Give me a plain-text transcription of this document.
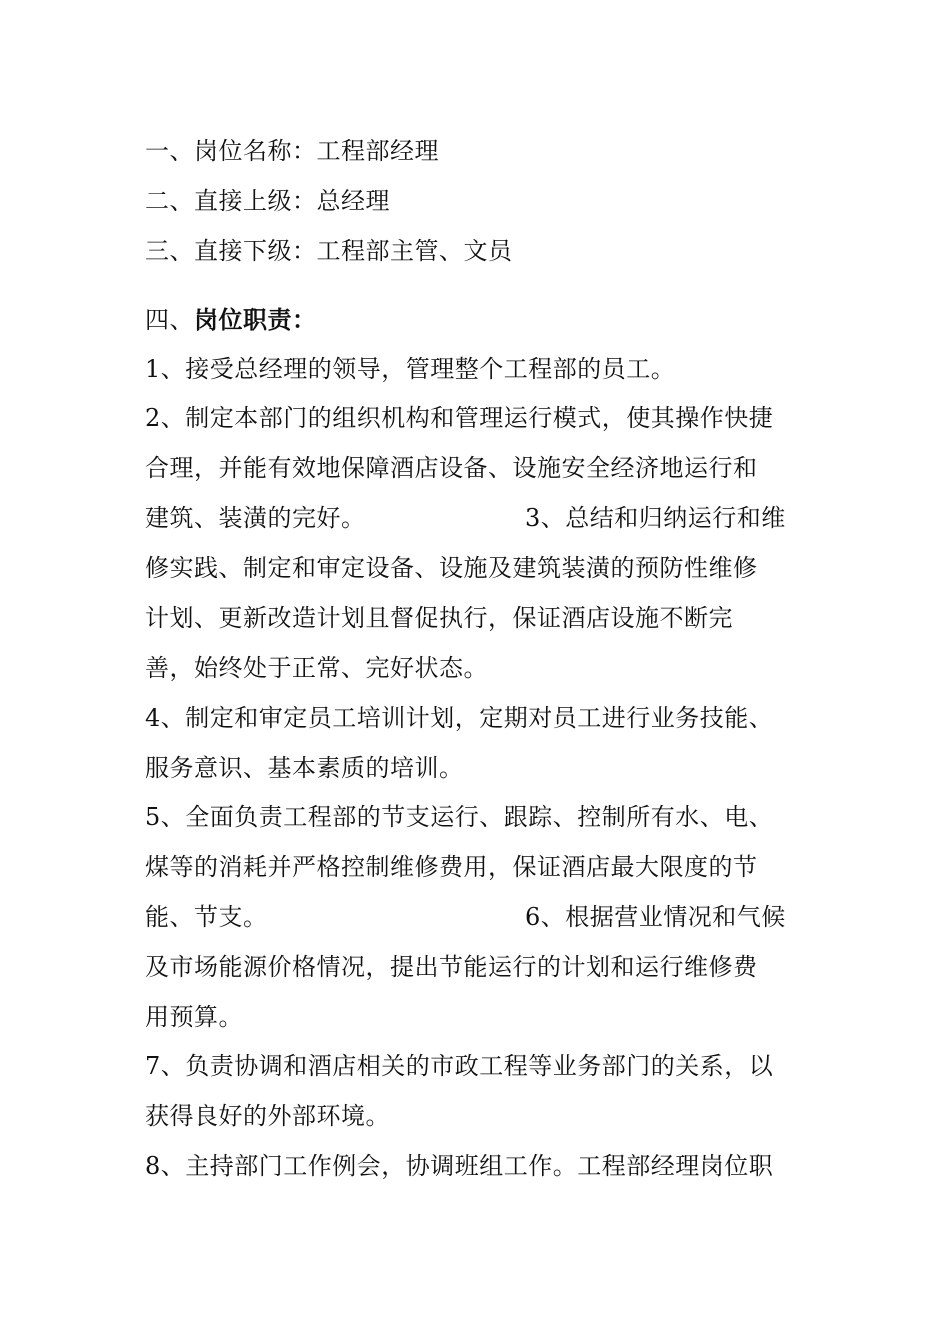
一、岗位名称：工程部经理
二、直接上级：总经理
三、直接下级：工程部主管、文员
四、岗位职责：
1、接受总经理的领导，管理整个工程部的员工。
2、制定本部门的组织机构和管理运行模式，使其操作快捷
合理，并能有效地保障酒店设备、设施安全经济地运行和
建筑、装潢的完好。	3、总结和归纳运行和维
修实践、制定和审定设备、设施及建筑装潢的预防性维修
计划、更新改造计划且督促执行，保证酒店设施不断完
善，始终处于正常、完好状态。
4、制定和审定员工培训计划，定期对员工进行业务技能、
服务意识、基本素质的培训。
5、全面负责工程部的节支运行、跟踪、控制所有水、电、
煤等的消耗并严格控制维修费用，保证酒店最大限度的节
能、节支。	6、根据营业情况和气候
及市场能源价格情况，提出节能运行的计划和运行维修费
用预算。
7、负责协调和酒店相关的市政工程等业务部门的关系，以
获得良好的外部环境。
8、主持部门工作例会，协调班组工作。工程部经理岗位职
